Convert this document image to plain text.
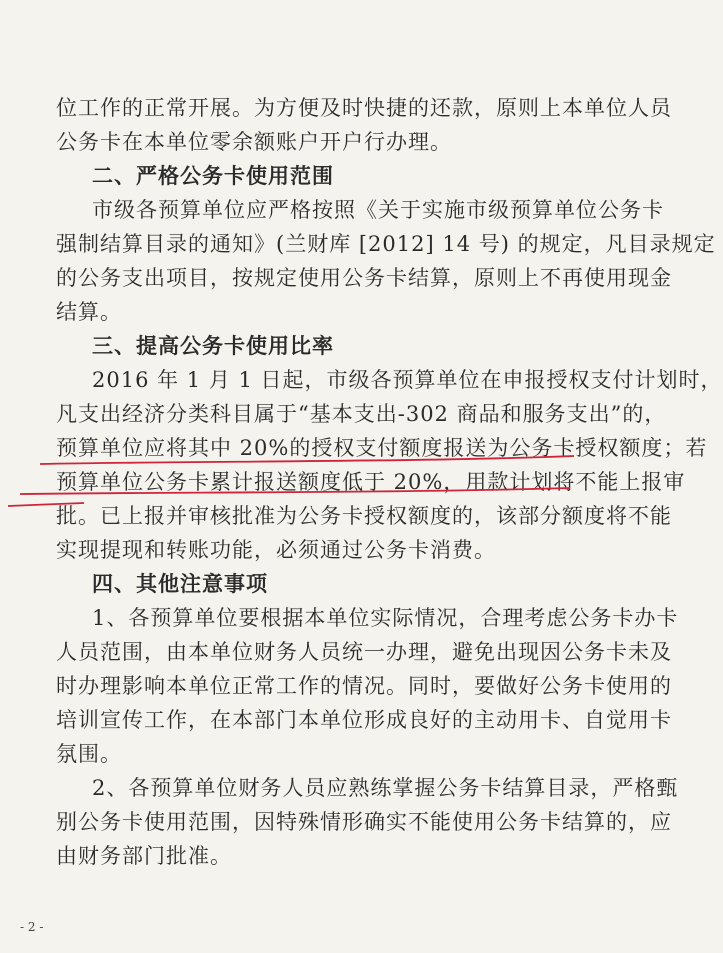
位工作的正常开展。为方便及时快捷的还款，原则上本单位人员
公务卡在本单位零余额账户开户行办理。
二、严格公务卡使用范围
市级各预算单位应严格按照《关于实施市级预算单位公务卡
强制结算目录的通知》(兰财库 [2012] 14 号) 的规定，凡目录规定
的公务支出项目，按规定使用公务卡结算，原则上不再使用现金
结算。
三、提高公务卡使用比率
2016 年 1 月 1 日起，市级各预算单位在申报授权支付计划时，
凡支出经济分类科目属于“基本支出-302 商品和服务支出”的，
预算单位应将其中 20%的授权支付额度报送为公务卡授权额度；若
预算单位公务卡累计报送额度低于 20%，用款计划将不能上报审
批。已上报并审核批准为公务卡授权额度的，该部分额度将不能
实现提现和转账功能，必须通过公务卡消费。
四、其他注意事项
1、各预算单位要根据本单位实际情况，合理考虑公务卡办卡
人员范围，由本单位财务人员统一办理，避免出现因公务卡未及
时办理影响本单位正常工作的情况。同时，要做好公务卡使用的
培训宣传工作，在本部门本单位形成良好的主动用卡、自觉用卡
氛围。
2、各预算单位财务人员应熟练掌握公务卡结算目录，严格甄
别公务卡使用范围，因特殊情形确实不能使用公务卡结算的，应
由财务部门批准。
- 2 -
